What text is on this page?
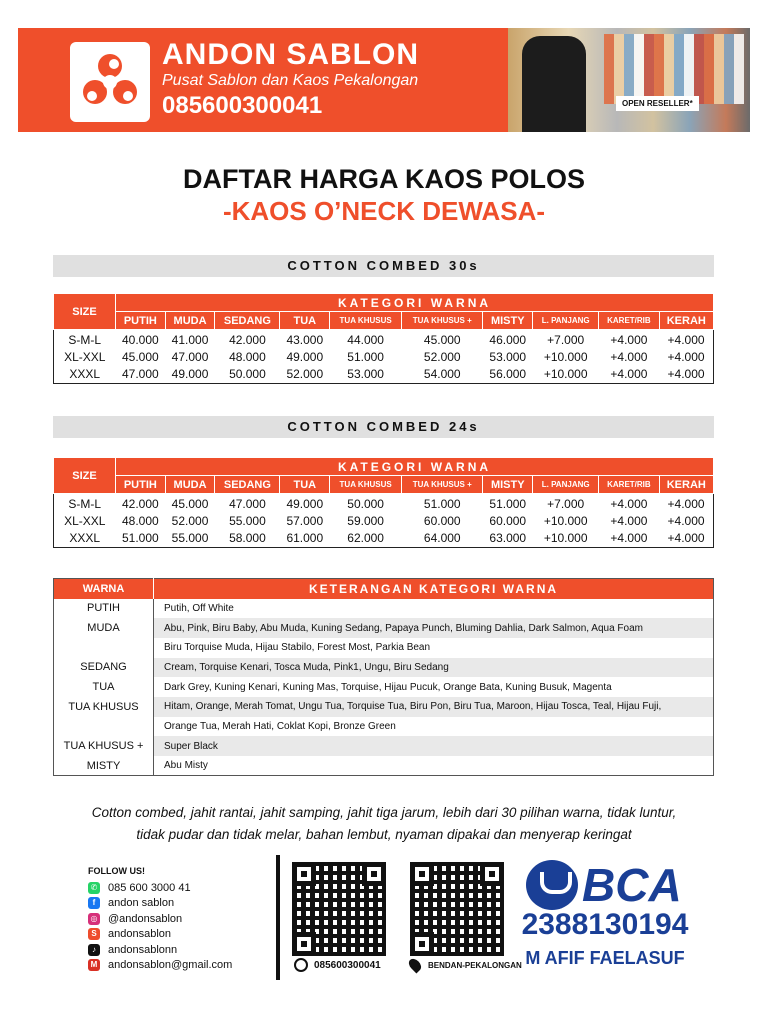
ANDON SABLON
Pusat Sablon dan Kaos Pekalongan
085600300041	OPEN RESELLER*
DAFTAR HARGA KAOS POLOS
-KAOS O’NECK DEWASA-
COTTON COMBED 30s
SIZE	KATEGORI WARNA									
	PUTIH	MUDA	SEDANG	TUA	TUA KHUSUS	TUA KHUSUS +	MISTY	L. PANJANG	KARET/RIB	KERAH
S-M-L	40.000	41.000	42.000	43.000	44.000	45.000	46.000	+7.000	+4.000	+4.000
XL-XXL	45.000	47.000	48.000	49.000	51.000	52.000	53.000	+10.000	+4.000	+4.000
XXXL	47.000	49.000	50.000	52.000	53.000	54.000	56.000	+10.000	+4.000	+4.000
COTTON COMBED 24s
SIZE	KATEGORI WARNA									
	PUTIH	MUDA	SEDANG	TUA	TUA KHUSUS	TUA KHUSUS +	MISTY	L. PANJANG	KARET/RIB	KERAH
S-M-L	42.000	45.000	47.000	49.000	50.000	51.000	51.000	+7.000	+4.000	+4.000
XL-XXL	48.000	52.000	55.000	57.000	59.000	60.000	60.000	+10.000	+4.000	+4.000
XXXL	51.000	55.000	58.000	61.000	62.000	64.000	63.000	+10.000	+4.000	+4.000
WARNA	KETERANGAN KATEGORI WARNA
PUTIH	Putih, Off White
MUDA	Abu, Pink, Biru Baby, Abu Muda, Kuning Sedang, Papaya Punch, Bluming Dahlia, Dark Salmon, Aqua Foam
	Biru Torquise Muda, Hijau Stabilo, Forest Most, Parkia Bean
SEDANG	Cream, Torquise Kenari, Tosca Muda, Pink1, Ungu, Biru Sedang
TUA	Dark Grey, Kuning Kenari, Kuning Mas, Torquise, Hijau Pucuk, Orange Bata, Kuning Busuk, Magenta
TUA KHUSUS	Hitam, Orange, Merah Tomat, Ungu Tua, Torquise Tua, Biru Pon, Biru Tua, Maroon, Hijau Tosca, Teal, Hijau Fuji,
	Orange Tua, Merah Hati, Coklat Kopi, Bronze Green
TUA KHUSUS +	Super Black
MISTY	Abu Misty
Cotton combed, jahit rantai, jahit samping, jahit tiga jarum, lebih dari 30 pilihan warna, tidak luntur,
tidak pudar dan tidak melar, bahan lembut, nyaman dipakai dan menyerap keringat
FOLLOW US!
✆ 085 600 3000 41
f	andon sablon
◎ @andonsablon
S	andonsablon
♪	andonsablonn
M andonsablon@gmail.com	085600300041	BENDAN-PEKALONGAN
BCA
2388130194
M AFIF FAELASUF
